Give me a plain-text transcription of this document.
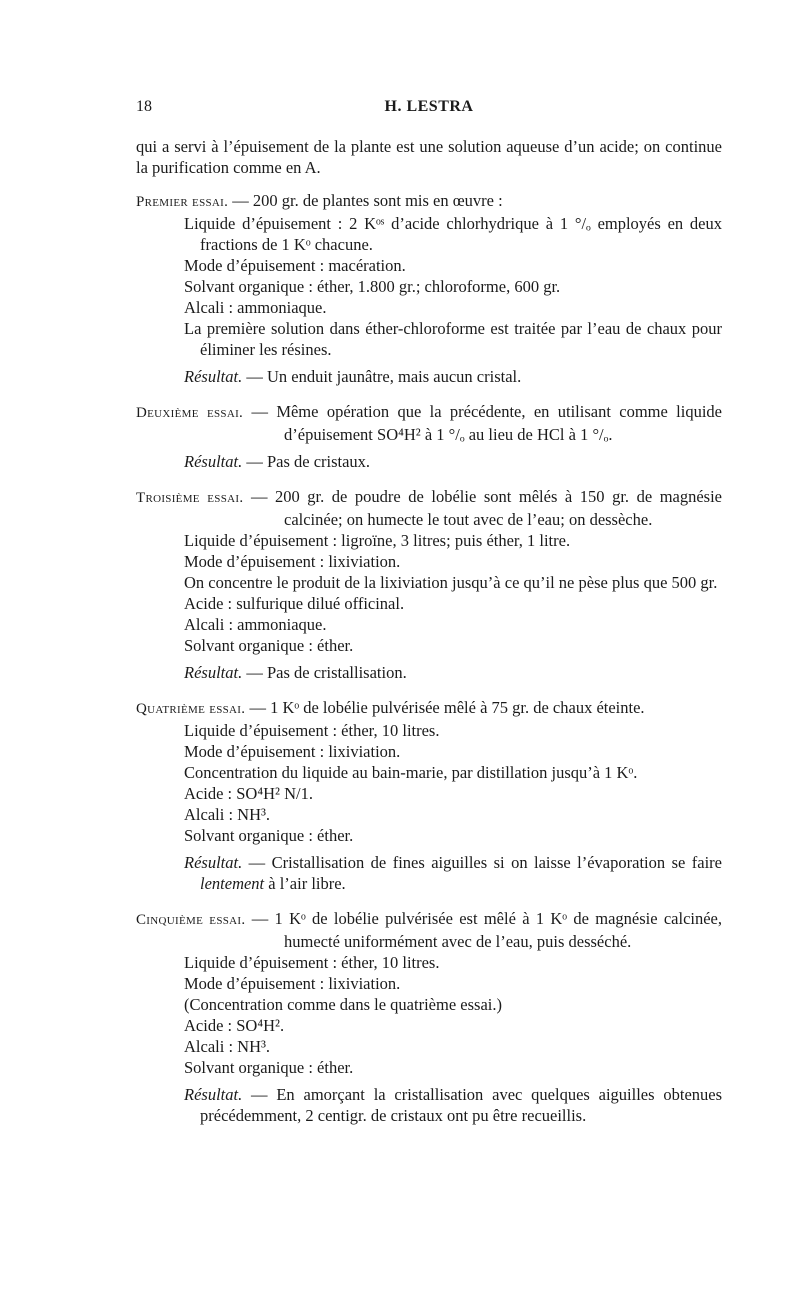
18	H. LESTRA

qui a servi à l’épuisement de la plante est une solution aqueuse d’un acide; on continue la purification comme en A.

Premier essai. — 200 gr. de plantes sont mis en œuvre :

Liquide d’épuisement : 2 Kᵒˢ d’acide chlorhydrique à 1 °/ₒ employés en deux fractions de 1 Kᵒ chacune.

Mode d’épuisement : macération.

Solvant organique : éther, 1.800 gr.; chloroforme, 600 gr.

Alcali : ammoniaque.

La première solution dans éther-chloroforme est traitée par l’eau de chaux pour éliminer les résines.

Résultat. — Un enduit jaunâtre, mais aucun cristal.

Deuxième essai. — Même opération que la précédente, en utilisant comme liquide d’épuisement SO⁴H² à 1 °/ₒ au lieu de HCl à 1 °/ₒ.

Résultat. — Pas de cristaux.

Troisième essai. — 200 gr. de poudre de lobélie sont mêlés à 150 gr. de magnésie calcinée; on humecte le tout avec de l’eau; on dessèche.

Liquide d’épuisement : ligroïne, 3 litres; puis éther, 1 litre.

Mode d’épuisement : lixiviation.

On concentre le produit de la lixiviation jusqu’à ce qu’il ne pèse plus que 500 gr.

Acide : sulfurique dilué officinal.

Alcali : ammoniaque.

Solvant organique : éther.

Résultat. — Pas de cristallisation.

Quatrième essai. — 1 Kᵒ de lobélie pulvérisée mêlé à 75 gr. de chaux éteinte.

Liquide d’épuisement : éther, 10 litres.

Mode d’épuisement : lixiviation.

Concentration du liquide au bain-marie, par distillation jusqu’à 1 Kᵒ.

Acide : SO⁴H² N/1.

Alcali : NH³.

Solvant organique : éther.

Résultat. — Cristallisation de fines aiguilles si on laisse l’évaporation se faire lentement à l’air libre.

Cinquième essai. — 1 Kᵒ de lobélie pulvérisée est mêlé à 1 Kᵒ de magnésie calcinée, humecté uniformément avec de l’eau, puis desséché.

Liquide d’épuisement : éther, 10 litres.

Mode d’épuisement : lixiviation.

(Concentration comme dans le quatrième essai.)

Acide : SO⁴H².

Alcali : NH³.

Solvant organique : éther.

Résultat. — En amorçant la cristallisation avec quelques aiguilles obtenues précédemment, 2 centigr. de cristaux ont pu être recueillis.
